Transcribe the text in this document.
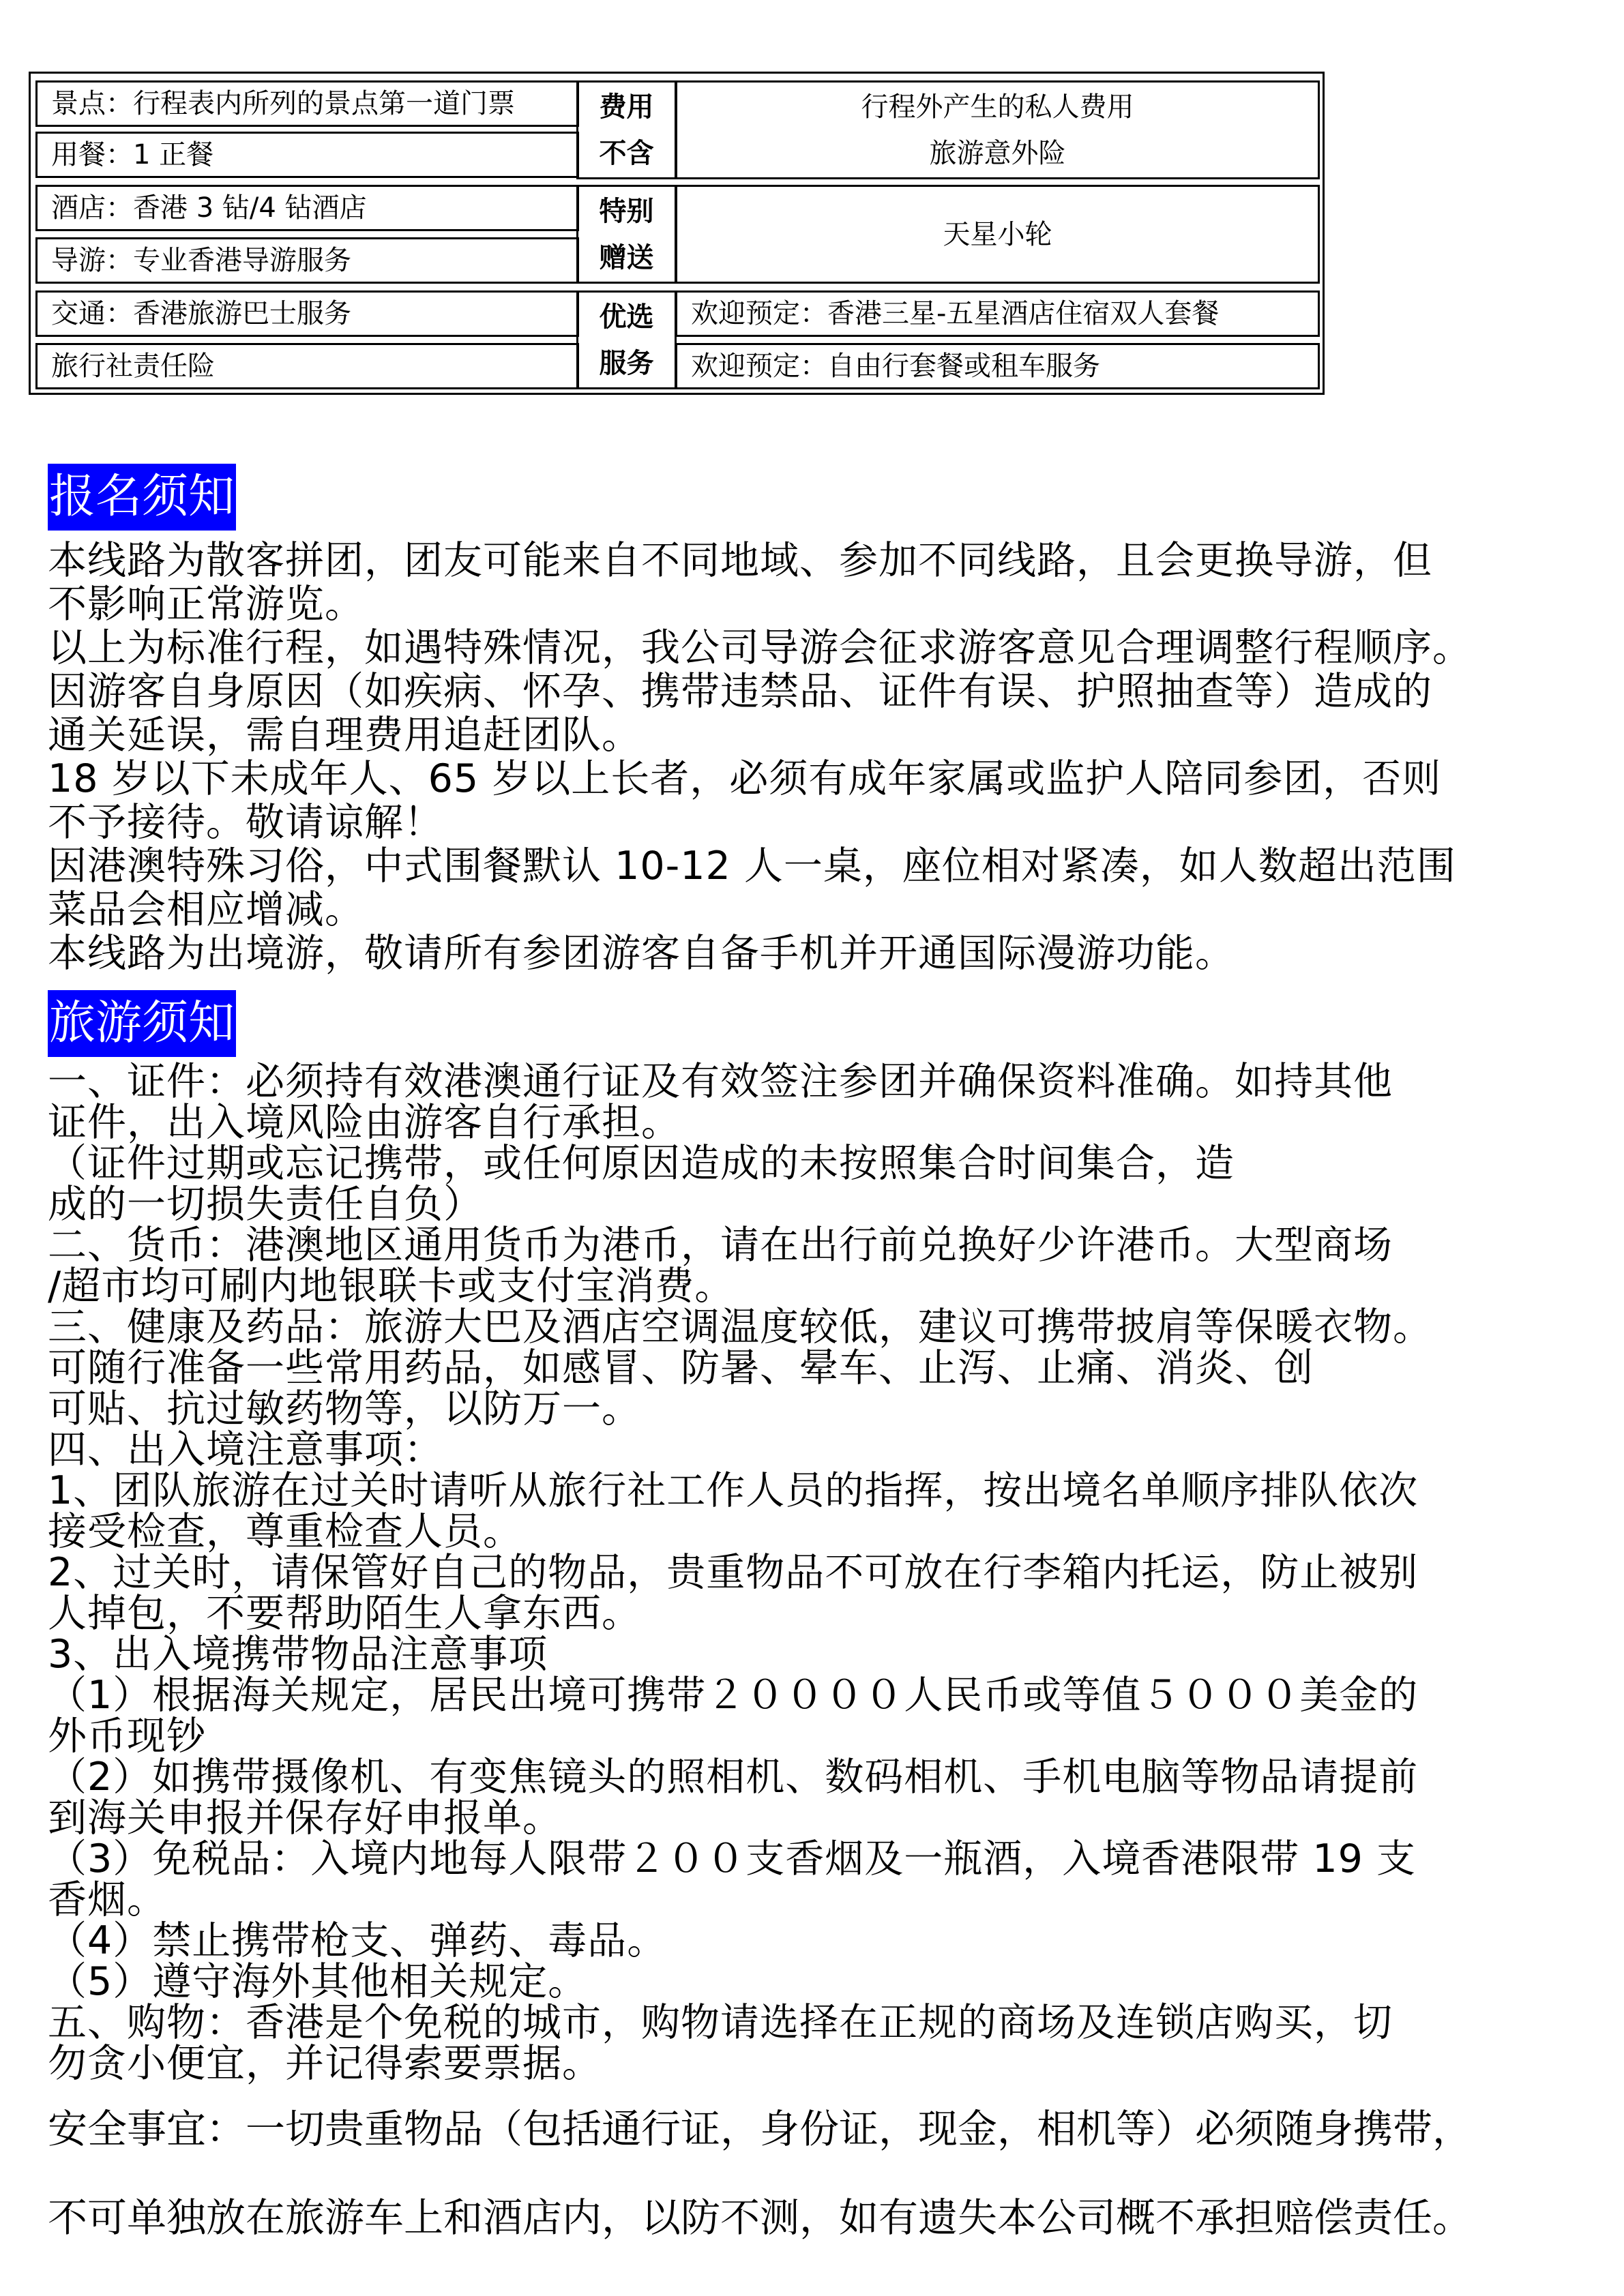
景点：行程表内所列的景点第一道门票
用餐：1 正餐
酒店：香港 3 钻/4 钻酒店
导游：专业香港导游服务
交通：香港旅游巴士服务
旅行社责任险
费用
不含
特别
赠送
优选
服务
行程外产生的私人费用
旅游意外险
天星小轮
欢迎预定：香港三星-五星酒店住宿双人套餐
欢迎预定：自由行套餐或租车服务
报名须知

本线路为散客拼团，团友可能来自不同地域、参加不同线路，且会更换导游，但

不影响正常游览。

以上为标准行程，如遇特殊情况，我公司导游会征求游客意见合理调整行程顺序。

因游客自身原因（如疾病、怀孕、携带违禁品、证件有误、护照抽查等）造成的

通关延误，需自理费用追赶团队。

18 岁以下未成年人、65 岁以上长者，必须有成年家属或监护人陪同参团，否则

不予接待。敬请谅解！

因港澳特殊习俗，中式围餐默认 10-12 人一桌，座位相对紧凑，如人数超出范围

菜品会相应增减。

本线路为出境游，敬请所有参团游客自备手机并开通国际漫游功能。

旅游须知

一、证件：必须持有效港澳通行证及有效签注参团并确保资料准确。如持其他

证件，出入境风险由游客自行承担。

（证件过期或忘记携带，或任何原因造成的未按照集合时间集合，造

成的一切损失责任自负）

二、货币：港澳地区通用货币为港币，请在出行前兑换好少许港币。大型商场

/超市均可刷内地银联卡或支付宝消费。

三、健康及药品：旅游大巴及酒店空调温度较低，建议可携带披肩等保暖衣物。

可随行准备一些常用药品，如感冒、防暑、晕车、止泻、止痛、消炎、创

可贴、抗过敏药物等，以防万一。

四、出入境注意事项：

1、团队旅游在过关时请听从旅行社工作人员的指挥，按出境名单顺序排队依次

接受检查，尊重检查人员。

2、过关时，请保管好自己的物品，贵重物品不可放在行李箱内托运，防止被别

人掉包，不要帮助陌生人拿东西。

3、出入境携带物品注意事项

（1）根据海关规定，居民出境可携带２００００人民币或等值５０００美金的

外币现钞

（2）如携带摄像机、有变焦镜头的照相机、数码相机、手机电脑等物品请提前

到海关申报并保存好申报单。

（3）免税品：入境内地每人限带２００支香烟及一瓶酒，入境香港限带 19 支

香烟。

（4）禁止携带枪支、弹药、毒品。

（5）遵守海外其他相关规定。

五、购物：香港是个免税的城市，购物请选择在正规的商场及连锁店购买，切

勿贪小便宜，并记得索要票据。

安全事宜：一切贵重物品（包括通行证，身份证，现金，相机等）必须随身携带，

不可单独放在旅游车上和酒店内，以防不测，如有遗失本公司概不承担赔偿责任。
